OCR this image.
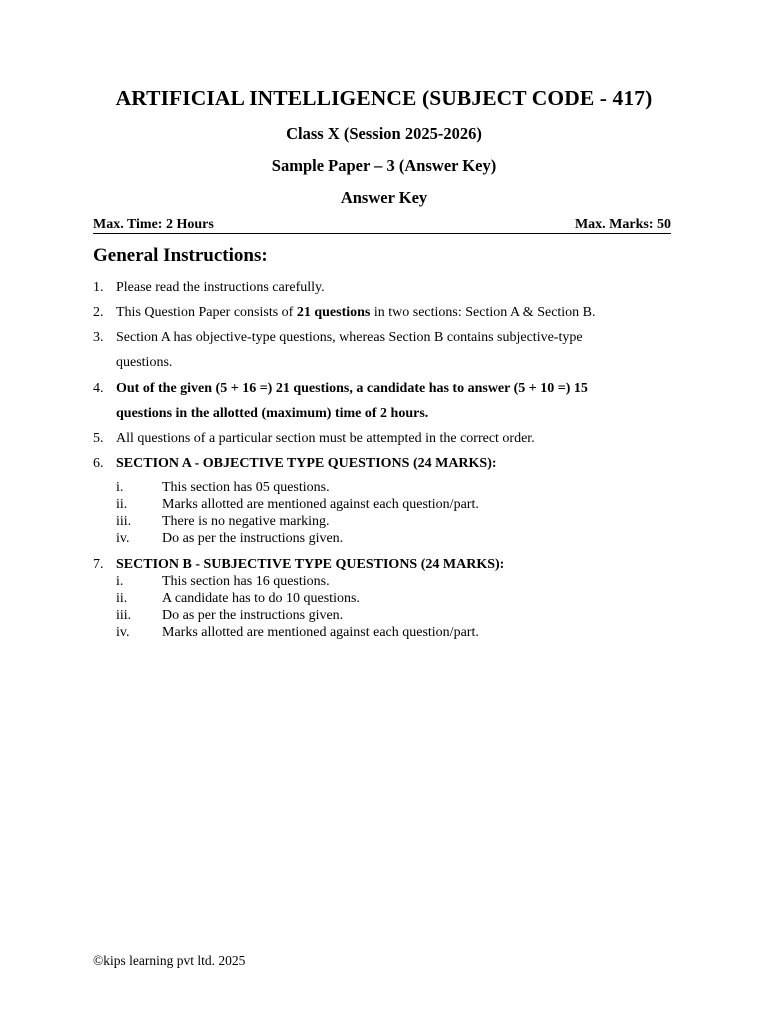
ARTIFICIAL INTELLIGENCE (SUBJECT CODE - 417)
Class X (Session 2025-2026)
Sample Paper – 3 (Answer Key)
Answer Key
Max. Time: 2 Hours	Max. Marks: 50
General Instructions:
1. Please read the instructions carefully.
2. This Question Paper consists of 21 questions in two sections: Section A & Section B.
3. Section A has objective-type questions, whereas Section B contains subjective-type
questions.
4. Out of the given (5 + 16 =) 21 questions, a candidate has to answer (5 + 10 =) 15
questions in the allotted (maximum) time of 2 hours.
5. All questions of a particular section must be attempted in the correct order.
6. SECTION A - OBJECTIVE TYPE QUESTIONS (24 MARKS):
i.	This section has 05 questions.
ii. Marks allotted are mentioned against each question/part.
iii. There is no negative marking.
iv. Do as per the instructions given.
7. SECTION B - SUBJECTIVE TYPE QUESTIONS (24 MARKS):
i.	This section has 16 questions.
ii. A candidate has to do 10 questions.
iii. Do as per the instructions given.
iv. Marks allotted are mentioned against each question/part.
©kips learning pvt ltd. 2025
